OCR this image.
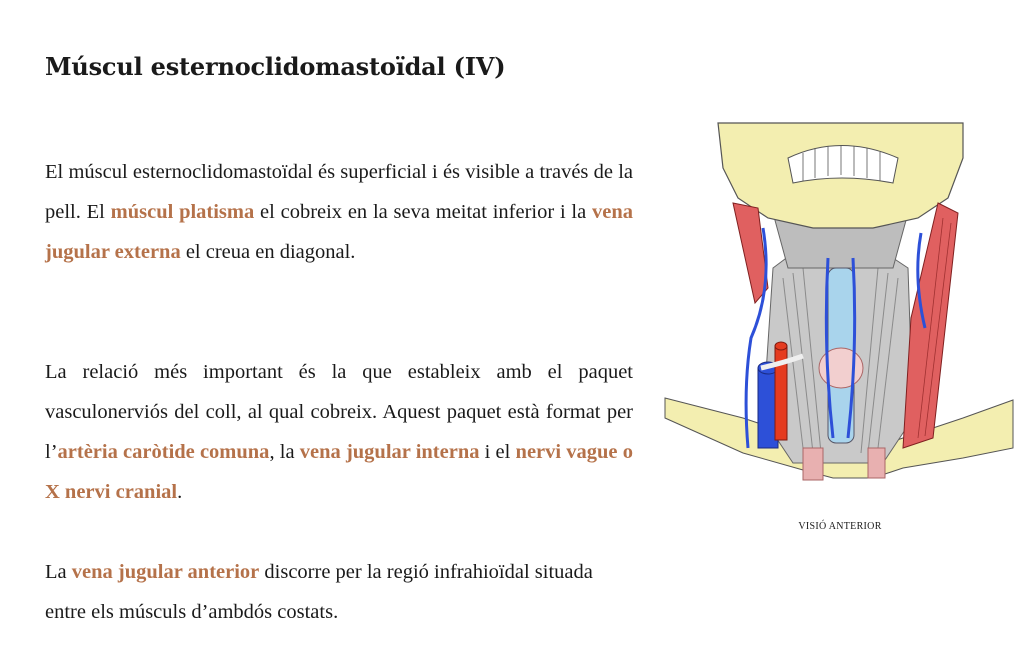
Múscul esternoclidomastoïdal (IV)

El múscul esternoclidomastoïdal és superficial i és visible a través de la pell. El múscul platisma el cobreix en la seva meitat inferior i la vena jugular externa el creua en diagonal.

La relació més important és la que estableix amb el paquet vasculonerviós del coll, al qual cobreix. Aquest paquet està format per l’artèria caròtide comuna, la vena jugular interna i el nervi vague o X nervi cranial.

La vena jugular anterior discorre per la regió infrahioïdal situada entre els músculs d’ambdós costats.

VISIÓ ANTERIOR
